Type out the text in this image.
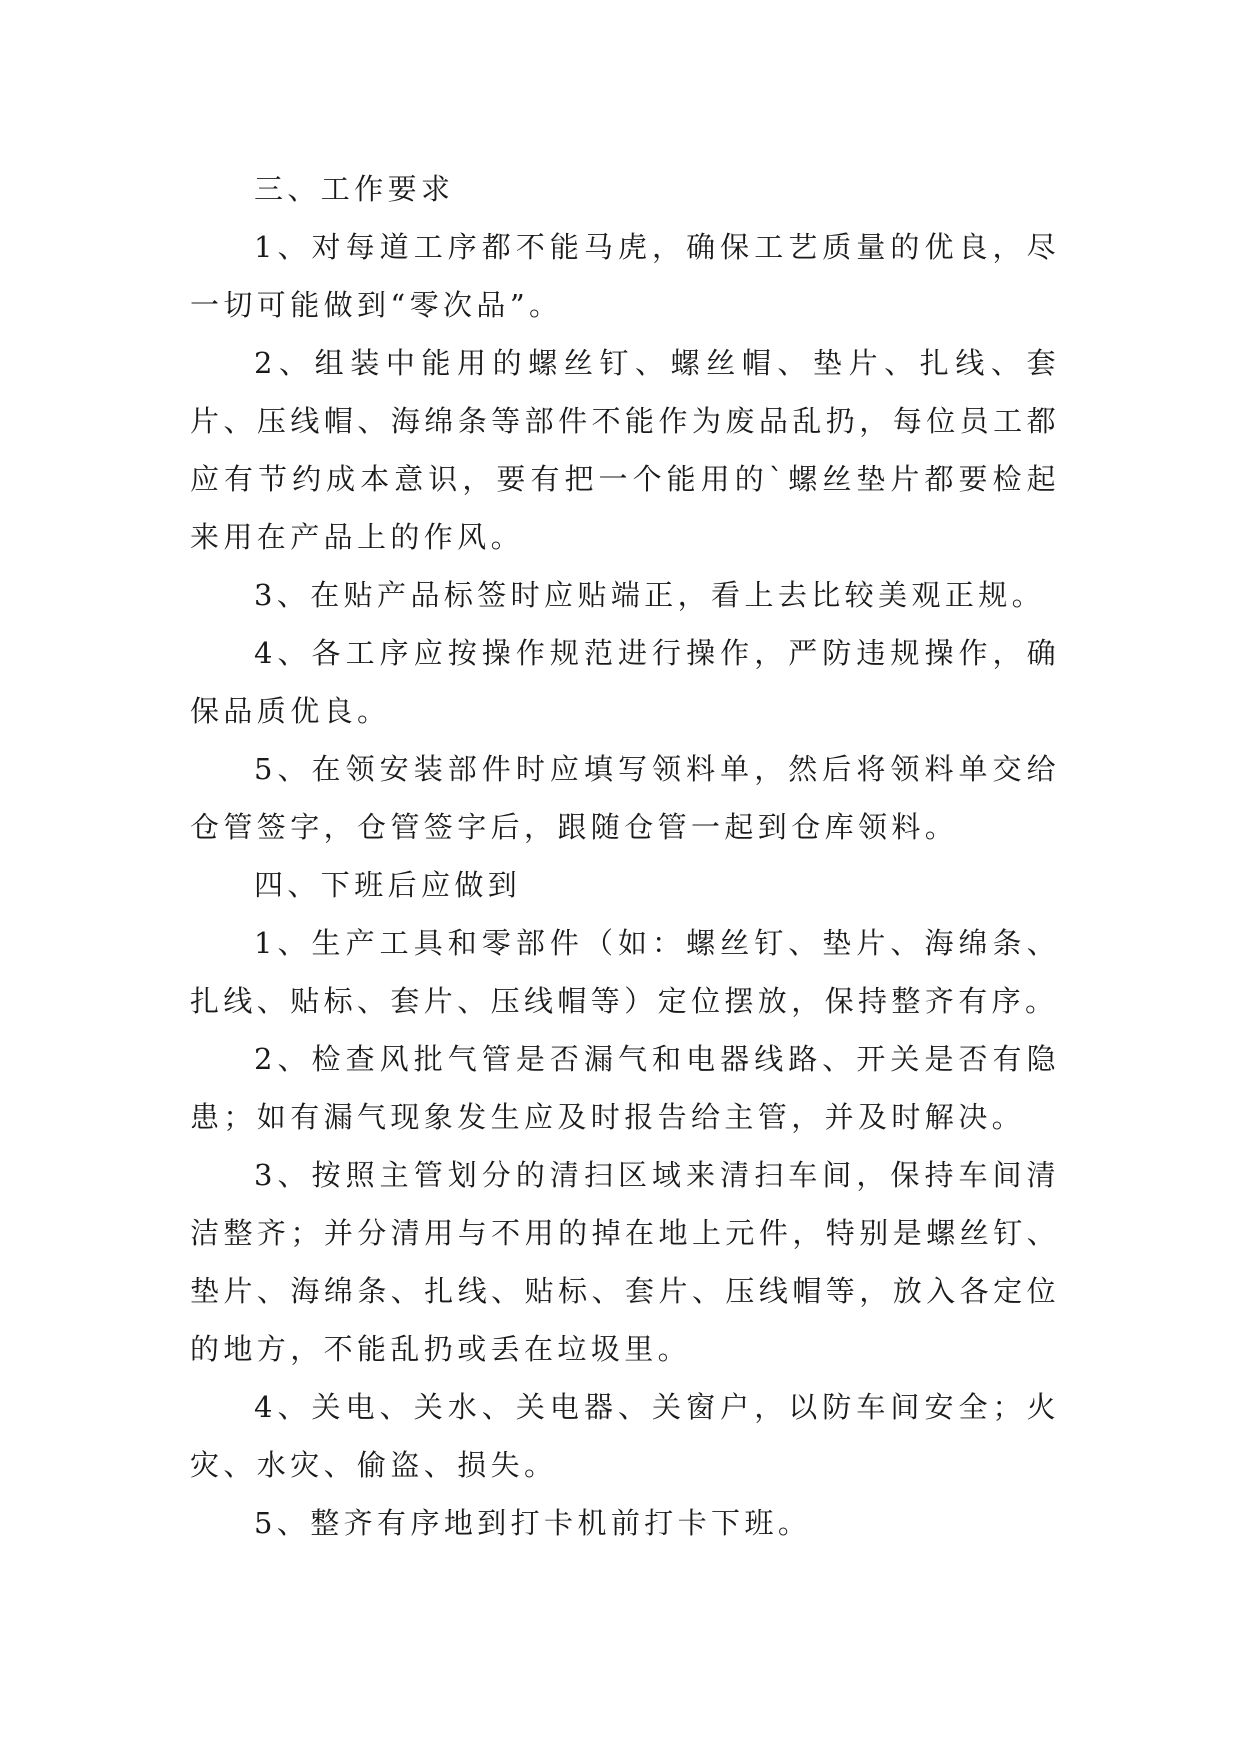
三、工作要求

1、对每道工序都不能马虎，确保工艺质量的优良，尽一切可能做到“零次品”。

2、组装中能用的螺丝钉、螺丝帽、垫片、扎线、套片、压线帽、海绵条等部件不能作为废品乱扔，每位员工都应有节约成本意识，要有把一个能用的`螺丝垫片都要检起来用在产品上的作风。

3、在贴产品标签时应贴端正，看上去比较美观正规。

4、各工序应按操作规范进行操作，严防违规操作，确保品质优良。

5、在领安装部件时应填写领料单，然后将领料单交给仓管签字，仓管签字后，跟随仓管一起到仓库领料。

四、下班后应做到

1、生产工具和零部件（如：螺丝钉、垫片、海绵条、扎线、贴标、套片、压线帽等）定位摆放，保持整齐有序。

2、检查风批气管是否漏气和电器线路、开关是否有隐患；如有漏气现象发生应及时报告给主管，并及时解决。

3、按照主管划分的清扫区域来清扫车间，保持车间清洁整齐；并分清用与不用的掉在地上元件，特别是螺丝钉、垫片、海绵条、扎线、贴标、套片、压线帽等，放入各定位的地方，不能乱扔或丢在垃圾里。

4、关电、关水、关电器、关窗户，以防车间安全；火灾、水灾、偷盗、损失。

5、整齐有序地到打卡机前打卡下班。
